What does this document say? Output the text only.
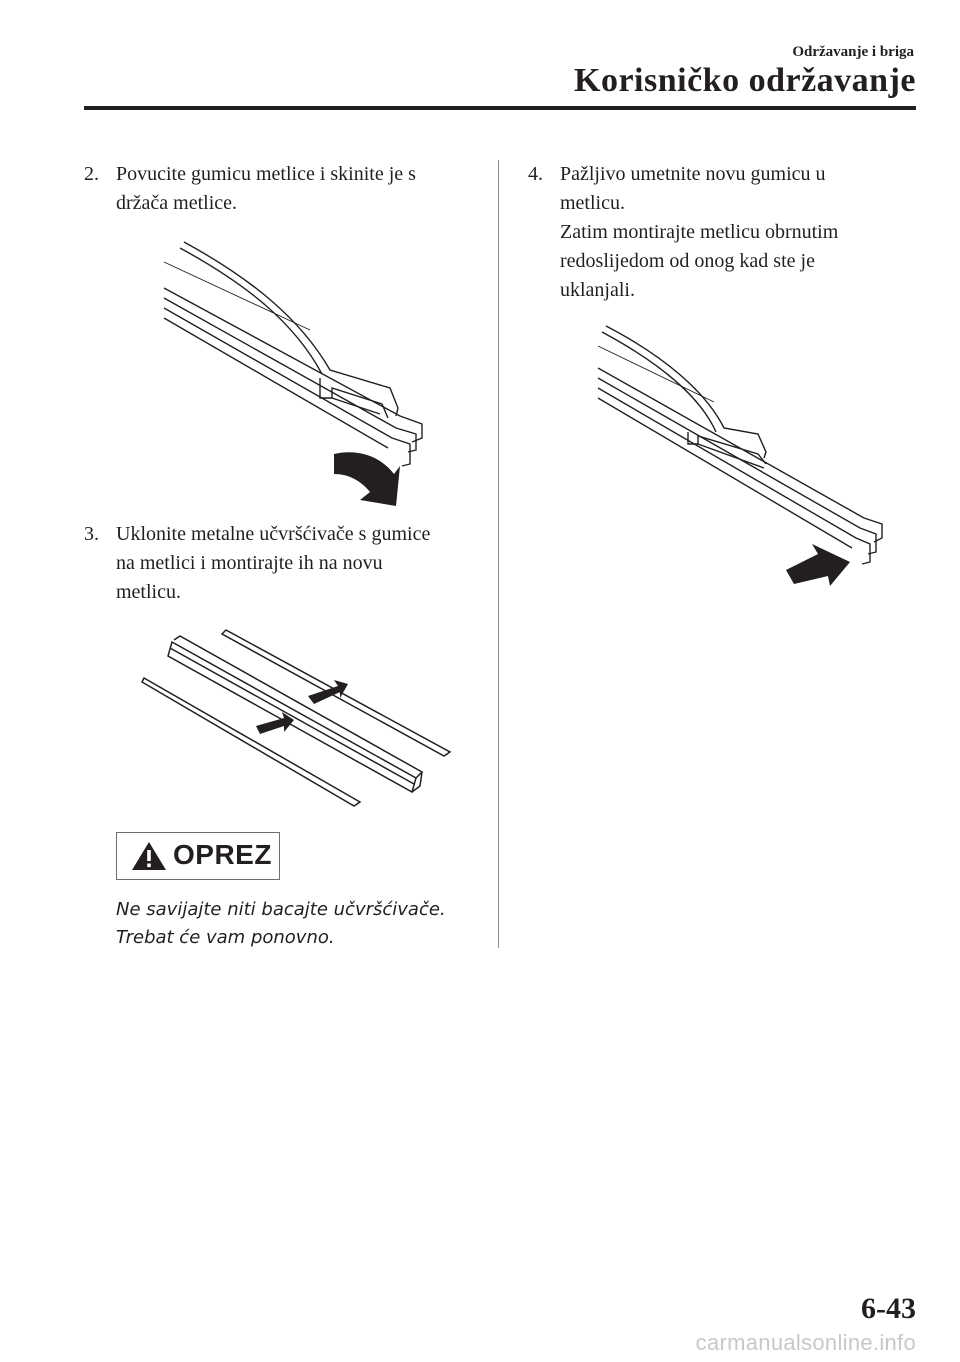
Održavanje i briga
Korisničko održavanje
2. Povucite gumicu metlice i skinite je s
držača metlice.
3. Uklonite metalne učvršćivače s gumice
na metlici i montirajte ih na novu
metlicu.
OPREZ
Ne savijajte niti bacajte učvršćivače.
Trebat će vam ponovno.
4. Pažljivo umetnite novu gumicu u
metlicu.
Zatim montirajte metlicu obrnutim
redoslijedom od onog kad ste je
uklanjali.
6-43
carmanualsonline.info
